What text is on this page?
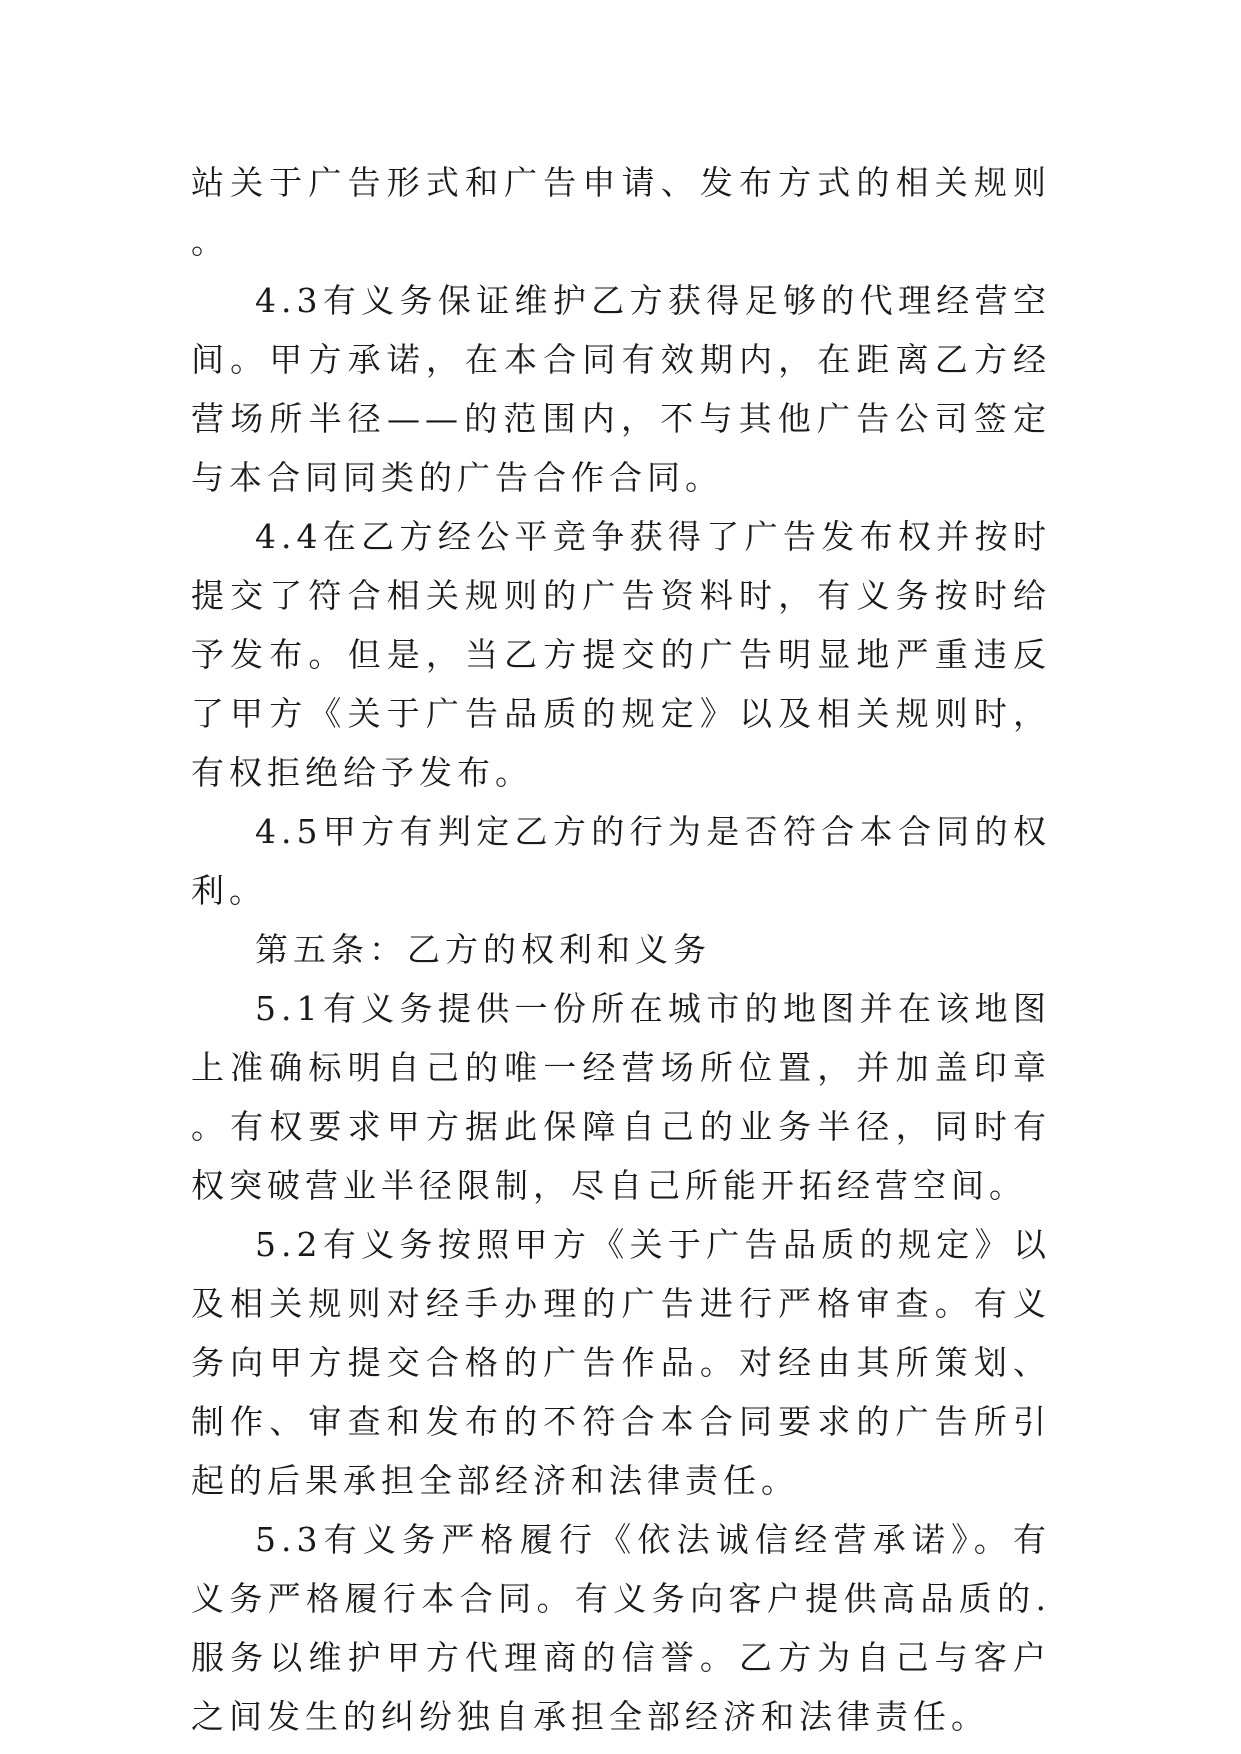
站关于广告形式和广告申请、发布方式的相关规则。

4.3有义务保证维护乙方获得足够的代理经营空间。甲方承诺，在本合同有效期内，在距离乙方经营场所半径——的范围内，不与其他广告公司签定与本合同同类的广告合作合同。

4.4在乙方经公平竞争获得了广告发布权并按时提交了符合相关规则的广告资料时，有义务按时给予发布。但是，当乙方提交的广告明显地严重违反了甲方《关于广告品质的规定》以及相关规则时，有权拒绝给予发布。

4.5甲方有判定乙方的行为是否符合本合同的权利。

第五条：乙方的权利和义务

5.1有义务提供一份所在城市的地图并在该地图上准确标明自己的唯一经营场所位置，并加盖印章。有权要求甲方据此保障自己的业务半径，同时有权突破营业半径限制，尽自己所能开拓经营空间。

5.2有义务按照甲方《关于广告品质的规定》以及相关规则对经手办理的广告进行严格审查。有义务向甲方提交合格的广告作品。对经由其所策划、制作、审查和发布的不符合本合同要求的广告所引起的后果承担全部经济和法律责任。

5.3有义务严格履行《依法诚信经营承诺》。有义务严格履行本合同。有义务向客户提供高品质的.服务以维护甲方代理商的信誉。乙方为自己与客户之间发生的纠纷独自承担全部经济和法律责任。
